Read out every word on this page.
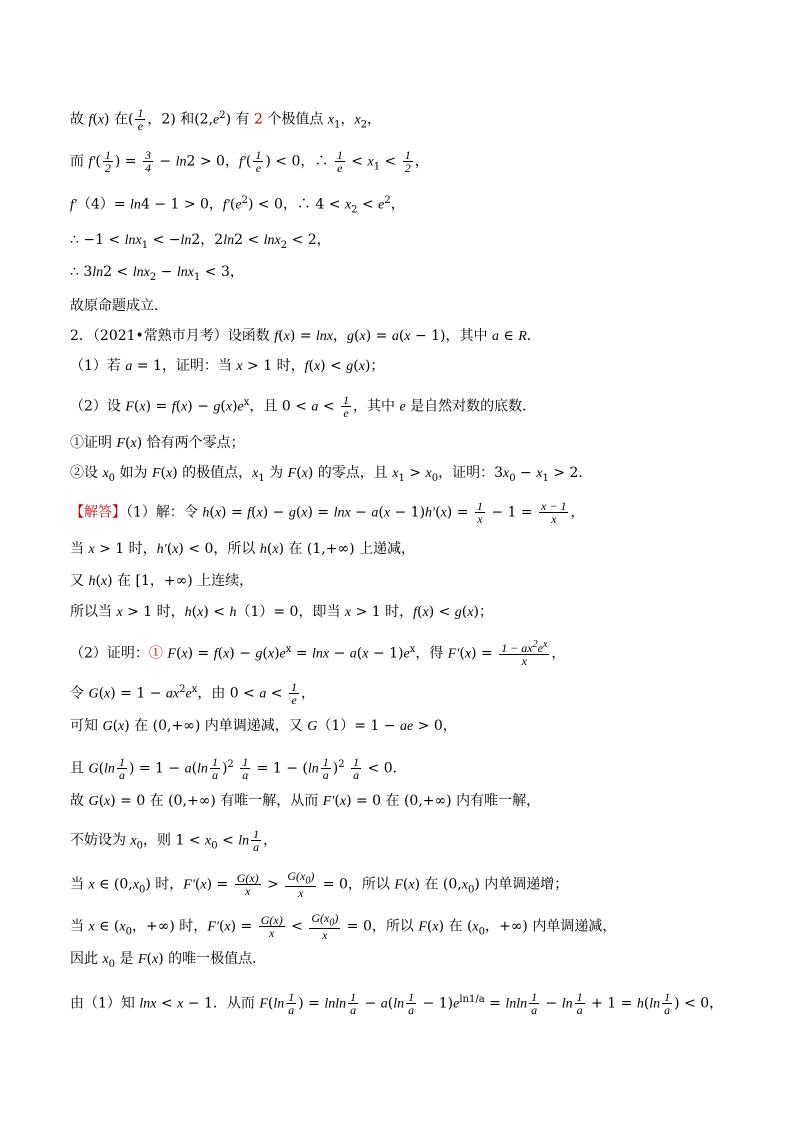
故 f(x) 在( $\frac{1}{e}$ ，2) 和$(2,e^2)$ 有 2 个极值点 $x_1$，$x_2$，
而 $f'( \frac{1}{2}$ ) = $\frac{3}{4} - \ln 2 > 0$，$f'( \frac{1}{e}$ ) < 0，∴ $\frac{1}{e} < x_1 < \frac{1}{2}$ ，
f′（4）= ln4 − 1 > 0，$f'(e^2) < 0$，∴ $4 < x_2 < e^2$，
∴ −1 < lnx$_1$ < −ln2，2ln2 < lnx$_2$ < 2，
∴ 3ln2 < lnx$_2$ − lnx$_1$ < 3，
故原命题成立．
2．（2021•常熟市月考）设函数 f(x) = lnx，g(x) = a(x − 1)，其中 a ∈ R．
（1）若 a = 1，证明：当 x > 1 时，f(x) < g(x)；
（2）设 $F(x) = f(x) - g(x)e^x$，且 $0 < a < \frac{1}{e}$ ，其中 e 是自然对数的底数．
①证明 F(x) 恰有两个零点；
②设 $x_0$ 如为 F(x) 的极值点，$x_1$ 为 F(x) 的零点，且 $x_1 > x_0$，证明：$3x_0 - x_1 > 2$．
【解答】（1）解：令 $h(x) = f(x) - g(x) = \ln x - a(x - 1)h'(x) = \frac{1}{x} - 1 = \frac{x - 1}{x}$ ，
当 x > 1 时，h′(x) < 0，所以 h(x) 在 (1,+∞) 上递减，
又 h(x) 在 [1，+∞) 上连续，
所以当 x > 1 时，h(x) < h（1）= 0，即当 x > 1 时，f(x) < g(x)；
（2）证明：① $F(x) = f(x) - g(x)e^x = \ln x - a(x - 1)e^x$，得 $F'(x) = \frac{1 - ax^2e^x}{x}$ ，
令 $G(x) = 1 - ax^2e^x$，由 $0 < a < \frac{1}{e}$ ，
可知 G(x) 在 (0,+∞) 内单调递减，又 G（1）= 1 − ae > 0，
且 $G(\ln \frac{1}{a}$ ) = $1 - a(\ln \frac{1}{a} )^2 \frac{1}{a} = 1 - (\ln \frac{1}{a} )^2 \frac{1}{a} < 0$．
故 G(x) = 0 在 (0,+∞) 有唯一解，从而 F′(x) = 0 在 (0,+∞) 内有唯一解，
不妨设为 $x_0$，则 $1 < x_0 < \ln \frac{1}{a}$ ，
当 x ∈ $(0,x_0)$ 时，$F'(x) = \frac{G(x)}{x} > \frac{G(x_0)}{x} = 0$，所以 F(x) 在 $(0,x_0)$ 内单调递增；
当 x ∈ ($x_0$，+∞) 时，$F'(x) = \frac{G(x)}{x} < \frac{G(x_0)}{x} = 0$，所以 F(x) 在 ($x_0$，+∞) 内单调递减，
因此 $x_0$ 是 F(x) 的唯一极值点．
由（1）知 lnx < x − 1．从而 $F(\ln \frac{1}{a}$ ) = lnln $\frac{1}{a} - a(\ln \frac{1}{a} - 1)e^{ln1/a} = lnln \frac{1}{a} - \ln \frac{1}{a} + 1 = h(\ln \frac{1}{a}$ ) < 0，
